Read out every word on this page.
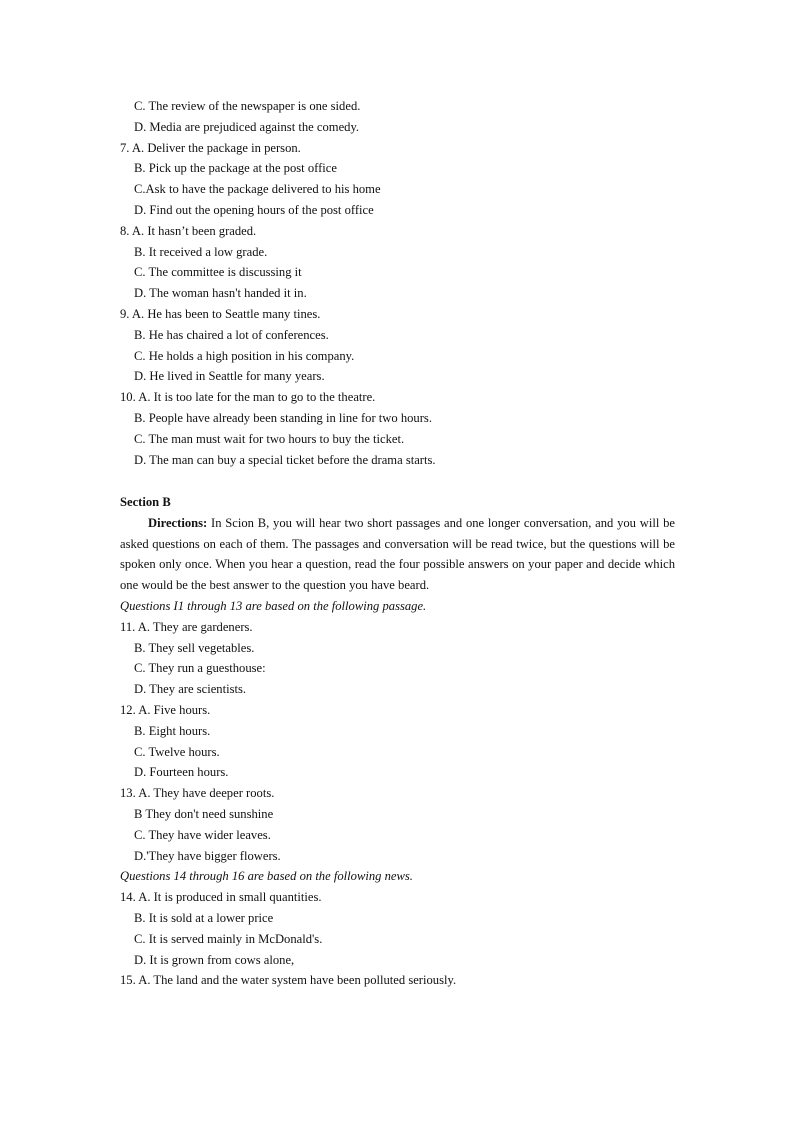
C. The review of the newspaper is one sided.
D. Media are prejudiced against the comedy.
7. A. Deliver the package in person.
B. Pick up the package at the post office
C.Ask to have the package delivered to his home
D. Find out the opening hours of the post office
8. A. It hasn’t been graded.
B. It received a low grade.
C. The committee is discussing it
D. The woman hasn't handed it in.
9. A. He has been to Seattle many tines.
B. He has chaired a lot of conferences.
C. He holds a high position in his company.
D. He lived in Seattle for many years.
10. A. It is too late for the man to go to the theatre.
B. People have already been standing in line for two hours.
C. The man must wait for two hours to buy the ticket.
D. The man can buy a special ticket before the drama starts.
Section B
Directions: In Scion B, you will hear two short passages and one longer conversation, and you will be asked questions on each of them. The passages and conversation will be read twice, but the questions will be spoken only once. When you hear a question, read the four possible answers on your paper and decide which one would be the best answer to the question you have beard.
Questions I1 through 13 are based on the following passage.
11. A. They are gardeners.
B. They sell vegetables.
C. They run a guesthouse:
D. They are scientists.
12. A. Five hours.
B. Eight hours.
C. Twelve hours.
D. Fourteen hours.
13. A. They have deeper roots.
B They don't need sunshine
C. They have wider leaves.
D.'They have bigger flowers.
Questions 14 through 16 are based on the following news.
14. A. It is produced in small quantities.
B. It is sold at a lower price
C. It is served mainly in McDonald's.
D. It is grown from cows alone,
15. A. The land and the water system have been polluted seriously.
